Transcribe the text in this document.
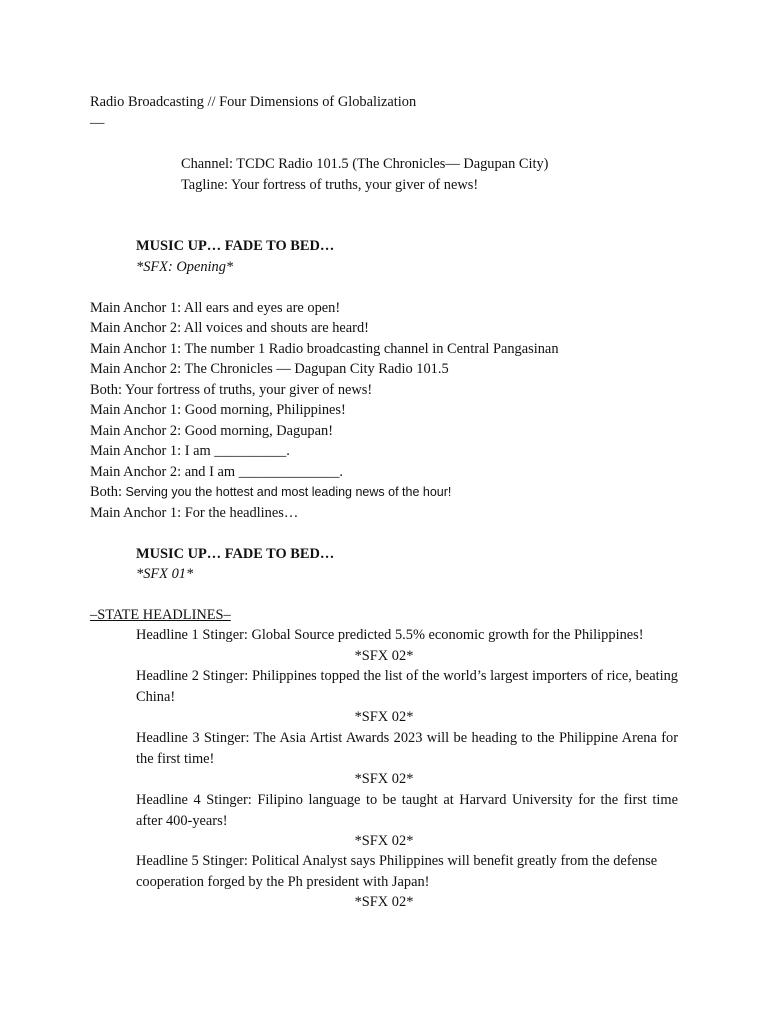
Radio Broadcasting // Four Dimensions of Globalization
—
Channel: TCDC Radio 101.5 (The Chronicles— Dagupan City)
Tagline: Your fortress of truths, your giver of news!
MUSIC UP… FADE TO BED…
*SFX: Opening*
Main Anchor 1: All ears and eyes are open!
Main Anchor 2: All voices and shouts are heard!
Main Anchor 1: The number 1 Radio broadcasting channel in Central Pangasinan
Main Anchor 2: The Chronicles — Dagupan City Radio 101.5
Both: Your fortress of truths, your giver of news!
Main Anchor 1: Good morning, Philippines!
Main Anchor 2: Good morning, Dagupan!
Main Anchor 1: I am __________.
Main Anchor 2: and I am ______________.
Both: Serving you the hottest and most leading news of the hour!
Main Anchor 1: For the headlines…
MUSIC UP… FADE TO BED…
*SFX 01*
–STATE HEADLINES–
Headline 1 Stinger: Global Source predicted 5.5% economic growth for the Philippines!
*SFX 02*
Headline 2 Stinger: Philippines topped the list of the world’s largest importers of rice, beating China!
*SFX 02*
Headline 3 Stinger: The Asia Artist Awards 2023 will be heading to the Philippine Arena for the first time!
*SFX 02*
Headline 4 Stinger: Filipino language to be taught at Harvard University for the first time after 400-years!
*SFX 02*
Headline 5 Stinger: Political Analyst says Philippines will benefit greatly from the defense cooperation forged by the Ph president with Japan!
*SFX 02*
